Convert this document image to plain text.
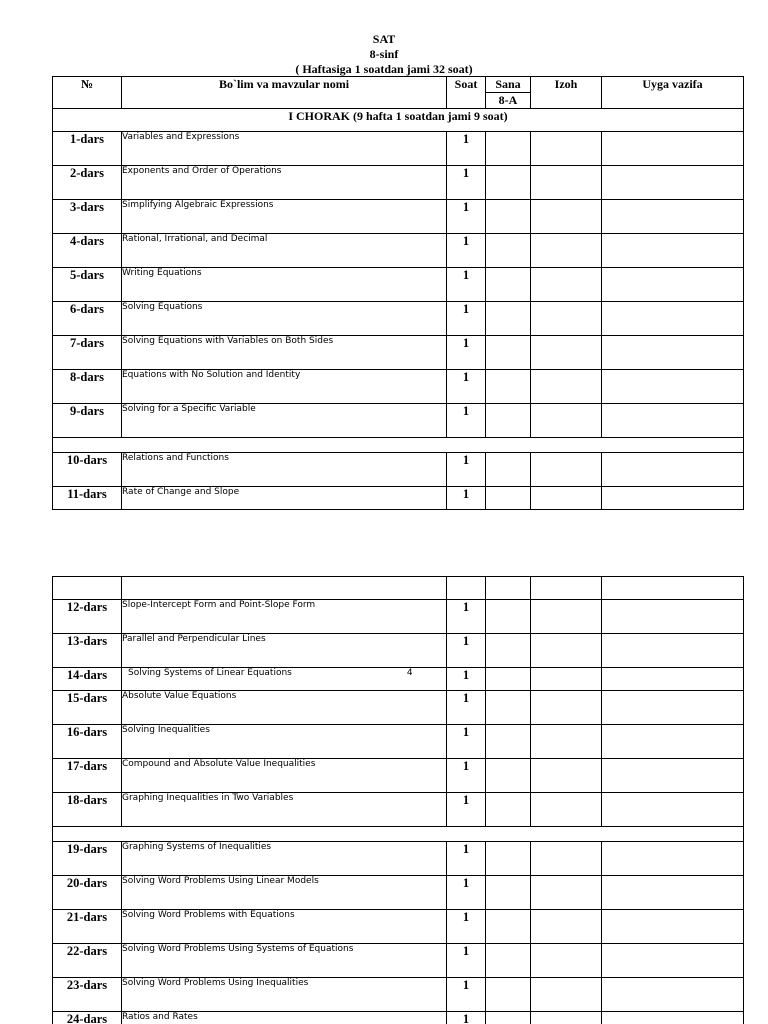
SAT
8-sinf
( Haftasiga 1 soatdan jami 32 soat)
№	Bo`lim va mavzular nomi	Soat	Sana	Izoh	Uyga vazifa
			8-A		
I CHORAK (9 hafta 1 soatdan jami 9 soat)					
1-dars	Variables and Expressions	1			
2-dars	Exponents and Order of Operations	1			
3-dars	Simplifying Algebraic Expressions	1			
4-dars	Rational, Irrational, and Decimal	1			
5-dars	Writing Equations	1			
6-dars	Solving Equations	1			
7-dars	Solving Equations with Variables on Both Sides	1			
8-dars	Equations with No Solution and Identity	1			
9-dars	Solving for a Specific Variable	1			

10-dars	Relations and Functions	1			
11-dars	Rate of Change and Slope	1			

12-dars	Slope-Intercept Form and Point-Slope Form	1			
13-dars	Parallel and Perpendicular Lines	1			
14-dars	Solving Systems of Linear Equations 4	1			
15-dars	Absolute Value Equations	1			
16-dars	Solving Inequalities	1			
17-dars	Compound and Absolute Value Inequalities	1			
18-dars	Graphing Inequalities in Two Variables	1			

19-dars	Graphing Systems of Inequalities	1			
20-dars	Solving Word Problems Using Linear Models	1			
21-dars	Solving Word Problems with Equations	1			
22-dars	Solving Word Problems Using Systems of Equations	1			
23-dars	Solving Word Problems Using Inequalities	1			
24-dars	Ratios and Rates	1			
